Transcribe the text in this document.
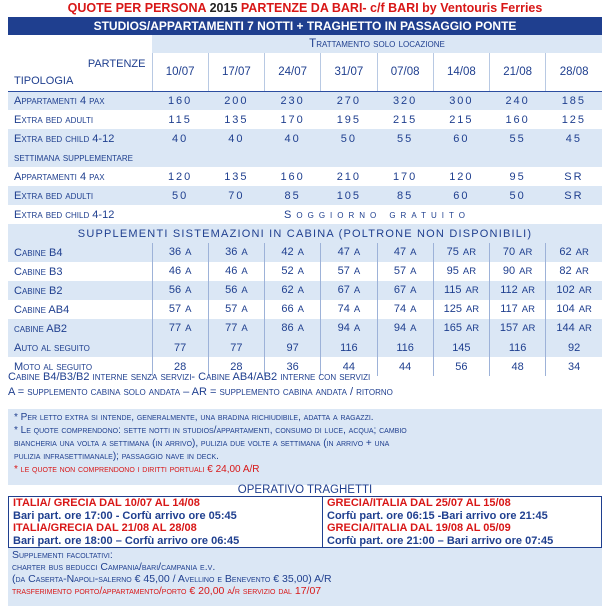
QUOTE PER PERSONA 2015 PARTENZE DA BARI- c/f BARI by Ventouris Ferries
STUDIOS/APPARTAMENTI 7 NOTTI + TRAGHETTO IN PASSAGGIO PONTE
Trattamento solo locazione
PARTENZE
TIPOLOGIA	10/07	17/07	24/07	31/07	07/08	14/08	21/08	28/08
Appartamenti 4 pax	160	200	230	270	320	300	240	185
Extra bed adulti	115	135	170	195	215	215	160	125
Extra bed child 4-12	40	40	40	50	55	60	55	45
settimana supplementare								
Appartamenti 4 pax	120	135	160	210	170	120	95	SR
Extra bed adulti	50	70	85	105	85	60	50	SR
Extra bed child 4-12	Soggiorno gratuito							
SUPPLEMENTI SISTEMAZIONI IN CABINA (POLTRONE NON DISPONIBILI)								
Cabine B4	36 A	36 A	42 A	47 A	47 A	75 AR	70 AR	62 AR
Cabine B3	46 A	46 A	52 A	57 A	57 A	95 AR	90 AR	82 AR
Cabine B2	56 A	56 A	62 A	67 A	67 A	115 AR	112 AR	102 AR
Cabine AB4	57 A	57 A	66 A	74 A	74 A	125 AR	117 AR	104 AR
cabine AB2	77 A	77 A	86 A	94 A	94 A	165 AR	157 AR	144 AR
Auto al seguito	77	77	97	116	116	145	116	92
Moto al seguito	28	28	36	44	44	56	48	34

Cabine B4/B3/B2 interne senza servizi- Cabine AB4/AB2 interne con servizi

A = supplemento cabina solo andata – AR = supplemento cabina andata / ritorno

* Per letto extra si intende, generalmente, una bradina richiudibile, adatta a ragazzi.

* Le quote comprendono: sette notti in studios/appartamenti, consumo di luce, acqua; cambio

biancheria una volta a settimana (in arrivo), pulizia due volte a settimana (in arrivo + una

pulizia infrasettimanale); passaggio nave in deck.

* le quote non comprendono i diritti portuali € 24,00 A/R

OPERATIVO TRAGHETTI
ITALIA/ GRECIA DAL 10/07 AL 14/08
Bari part. ore 17:00 - Corfù arrivo ore 05:45
ITALIA/GRECIA DAL 21/08 AL 28/08
Bari part. ore 18:00 – Corfù arrivo ore 06:45
GRECIA/ITALIA DAL 25/07 AL 15/08
Corfù part. ore 06:15 -Bari arrivo ore 21:45
GRECIA/ITALIA DAL 19/08 AL 05/09
Corfù part. ore 21:00 – Bari arrivo ore 07:45

Supplementi facoltativi:

charter bus beducci Campania/bari/campania e.v.

(da Caserta-Napoli-salerno € 45,00 / Avellino e Benevento € 35,00) A/R

trasferimento porto/appartamento/porto € 20,00 a/r servizio dal 17/07
